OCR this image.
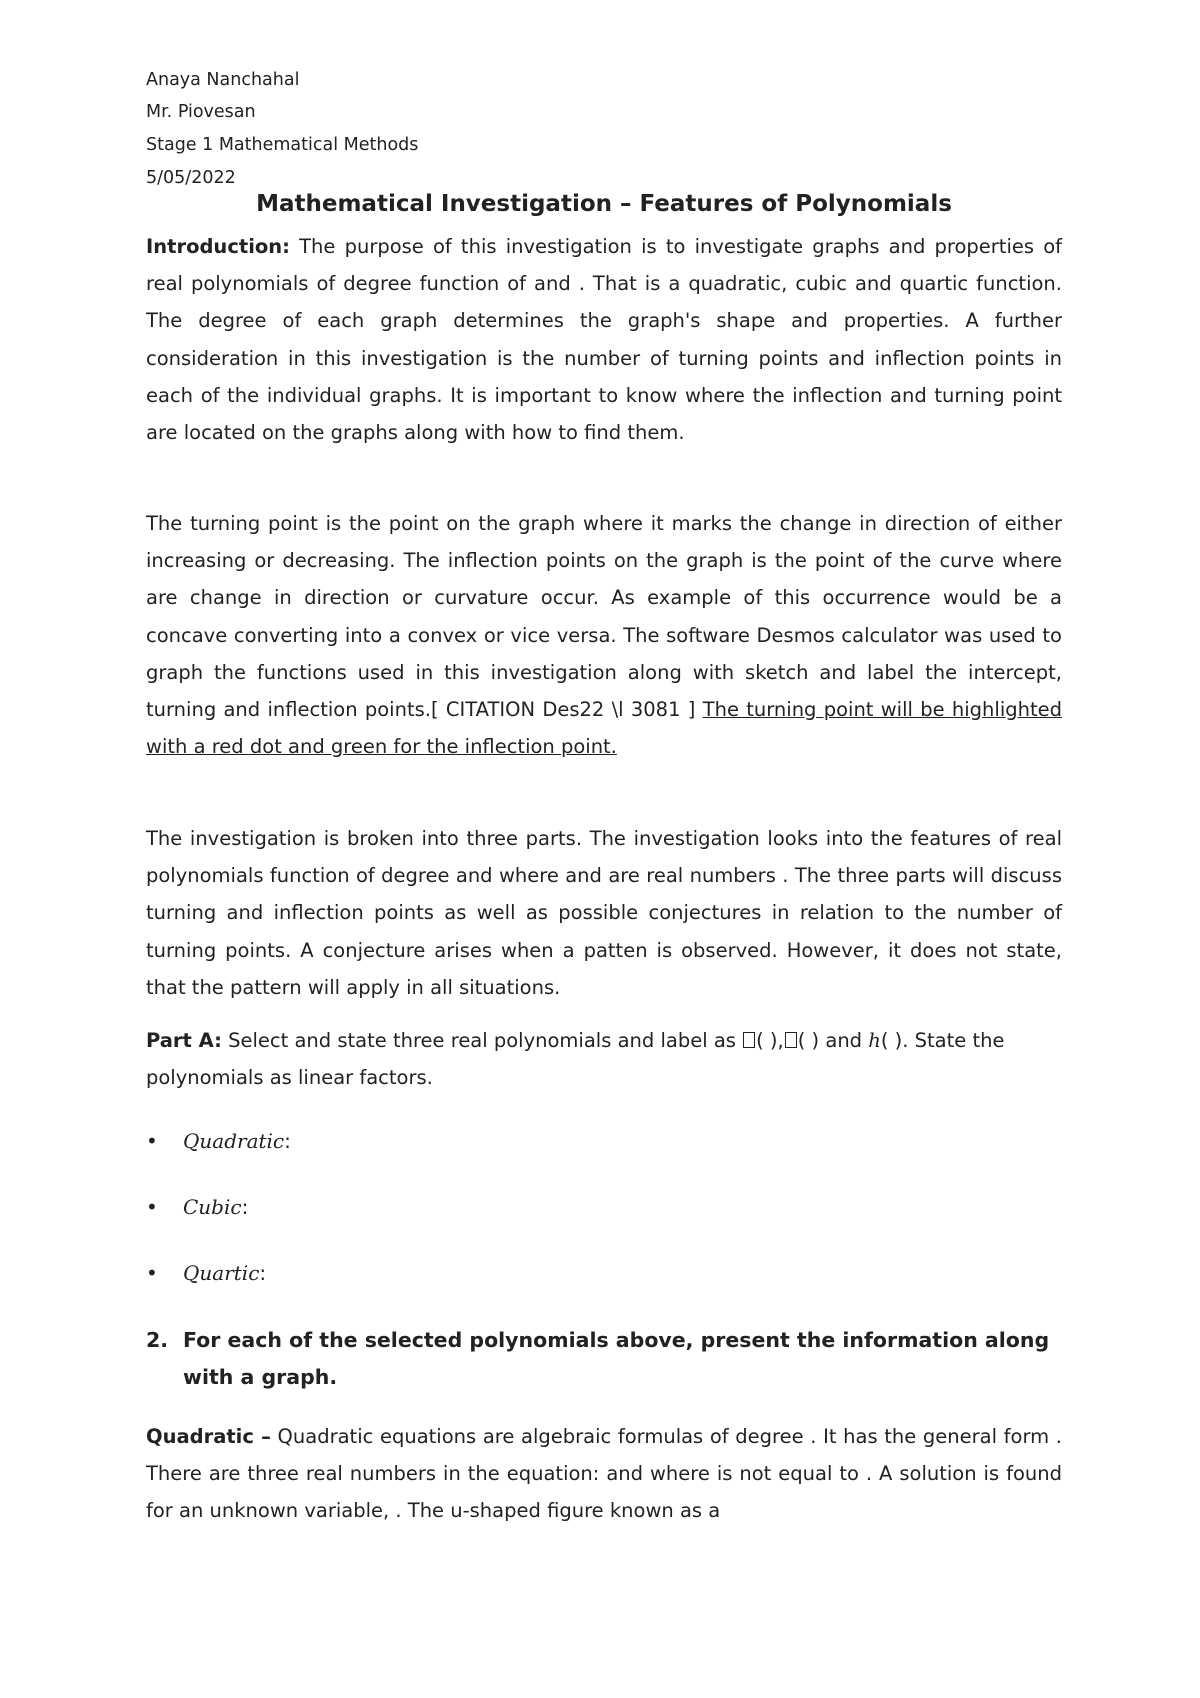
Anaya Nanchahal
Mr. Piovesan
Stage 1 Mathematical Methods
5/05/2022
Mathematical Investigation – Features of Polynomials

Introduction: The purpose of this investigation is to investigate graphs and properties of real polynomials of degree function of and . That is a quadratic, cubic and quartic function. The degree of each graph determines the graph's shape and properties. A further consideration in this investigation is the number of turning points and inflection points in each of the individual graphs. It is important to know where the inflection and turning point are located on the graphs along with how to find them.

The turning point is the point on the graph where it marks the change in direction of either increasing or decreasing. The inflection points on the graph is the point of the curve where are change in direction or curvature occur. As example of this occurrence would be a concave converting into a convex or vice versa. The software Desmos calculator was used to graph the functions used in this investigation along with sketch and label the intercept, turning and inflection points.[ CITATION Des22 \l 3081 ] The turning point will be highlighted with a red dot and green for the inflection point.

The investigation is broken into three parts. The investigation looks into the features of real polynomials function of degree and where and are real numbers . The three parts will discuss turning and inflection points as well as possible conjectures in relation to the number of turning points. A conjecture arises when a patten is observed. However, it does not state, that the pattern will apply in all situations.

Part A: Select and state three real polynomials and label as ( ), ( ) and h( ). State the polynomials as linear factors.

• Quadratic:
• Cubic:
• Quartic:
2. For each of the selected polynomials above, present the information along with a graph.

Quadratic – Quadratic equations are algebraic formulas of degree . It has the general form . There are three real numbers in the equation: and where is not equal to . A solution is found for an unknown variable, . The u-shaped figure known as a
